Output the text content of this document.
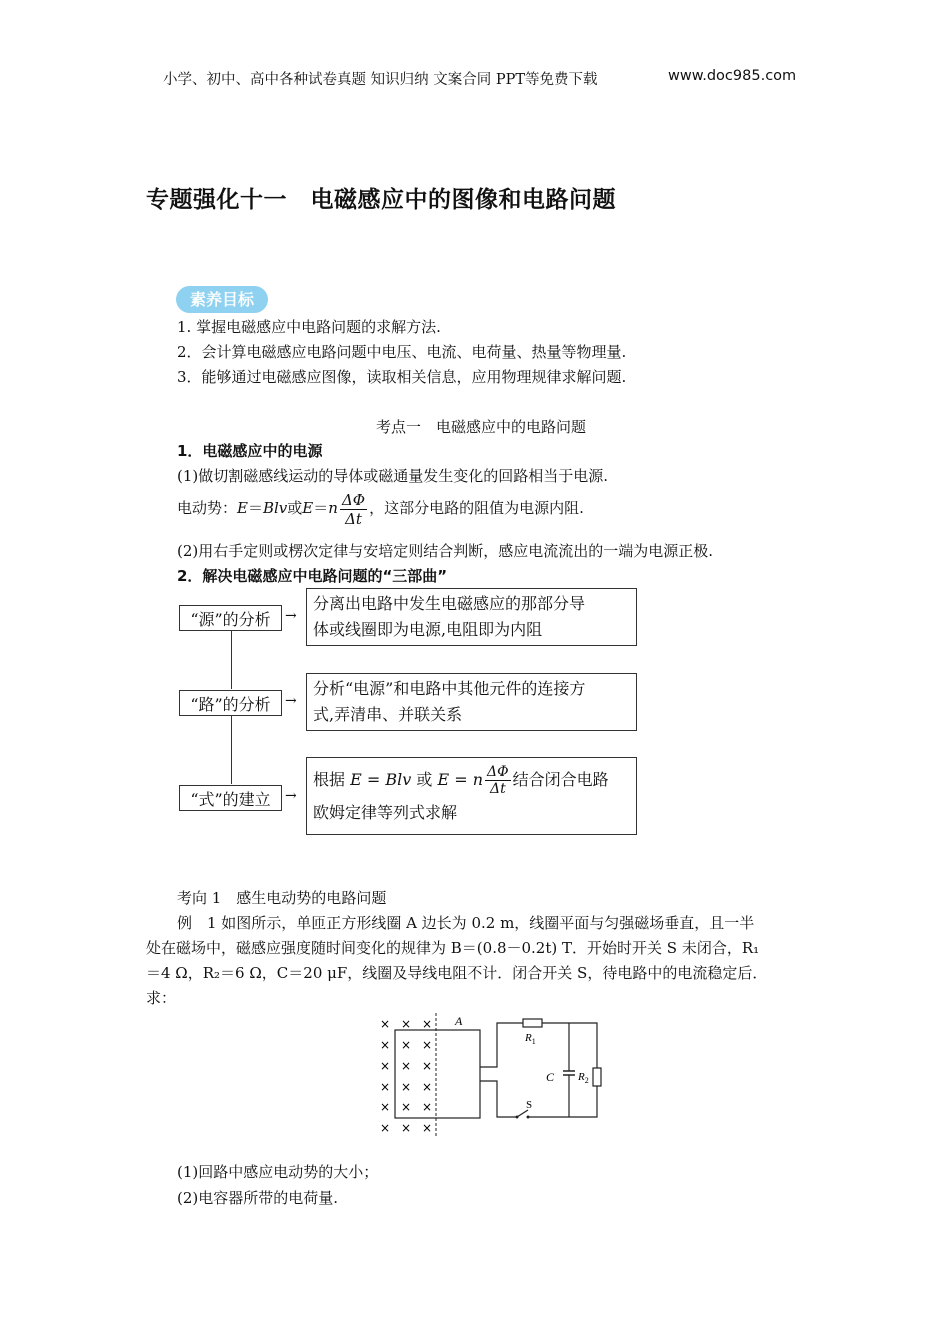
小学、初中、高中各种试卷真题 知识归纳 文案合同 PPT等免费下载	www.doc985.com
专题强化十一　电磁感应中的图像和电路问题
素养目标
1. 掌握电磁感应中电路问题的求解方法.
2．会计算电磁感应电路问题中电压、电流、电荷量、热量等物理量.
3．能够通过电磁感应图像，读取相关信息，应用物理规律求解问题.
考点一　电磁感应中的电路问题
1．电磁感应中的电源
(1)做切割磁感线运动的导体或磁通量发生变化的回路相当于电源.
电动势：E＝Blv或$E=n \frac{\Delta\Phi}{\Delta t}$ ，这部分电路的阻值为电源内阻.
(2)用右手定则或楞次定律与安培定则结合判断，感应电流流出的一端为电源正极.
2．解决电磁感应中电路问题的“三部曲”
“源”的分析	→
分离出电路中发生电磁感应的那部分导
体或线圈即为电源,电阻即为内阻
“路”的分析	→
分析“电源”和电路中其他元件的连接方
式,弄清串、并联关系
“式”的建立	→
根据 E = Blv 或 E = n $\frac{\Delta\Phi}{\Delta t}$ 结合闭合电路
欧姆定律等列式求解
考向 1　感生电动势的电路问题
例　1 如图所示，单匝正方形线圈 A 边长为 0.2 m，线圈平面与匀强磁场垂直，且一半
处在磁场中，磁感应强度随时间变化的规律为 B＝(0.8－0.2t) T．开始时开关 S 未闭合，R₁
＝4 Ω，R₂＝6 Ω，C＝20 μF，线圈及导线电阻不计．闭合开关 S，待电路中的电流稳定后．
求：
× × ×
× × ×
× × ×
× × ×
× × ×
× × ×
A
$R_1$
$R_2$
C
S
(1)回路中感应电动势的大小；
(2)电容器所带的电荷量.
